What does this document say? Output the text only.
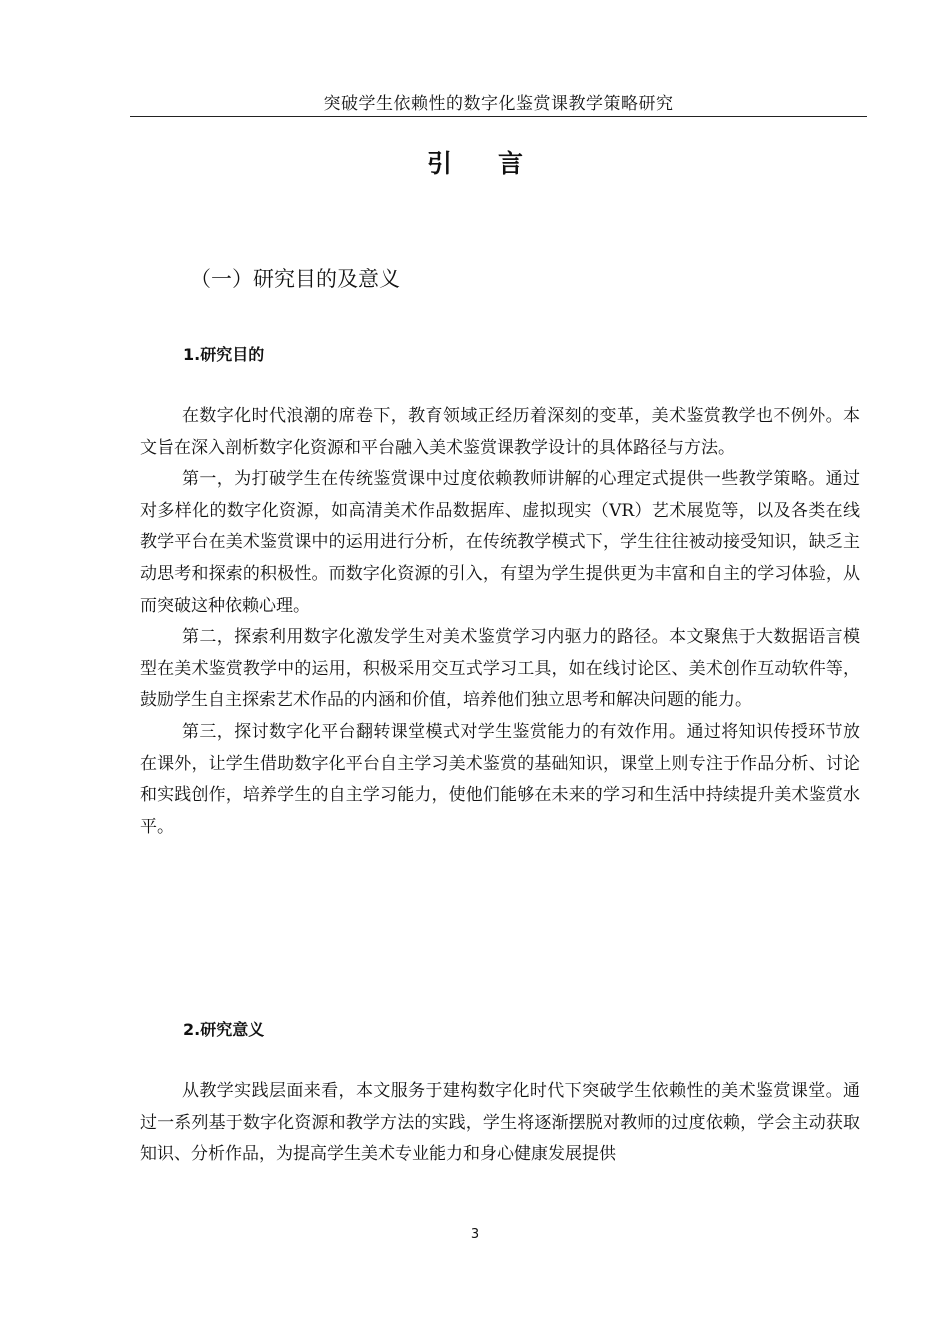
突破学生依赖性的数字化鉴赏课教学策略研究
引言
（一）研究目的及意义
1.研究目的

在数字化时代浪潮的席卷下，教育领域正经历着深刻的变革，美术鉴赏教学也不例外。本文旨在深入剖析数字化资源和平台融入美术鉴赏课教学设计的具体路径与方法。

第一，为打破学生在传统鉴赏课中过度依赖教师讲解的心理定式提供一些教学策略。通过对多样化的数字化资源，如高清美术作品数据库、虚拟现实（VR）艺术展览等，以及各类在线教学平台在美术鉴赏课中的运用进行分析，在传统教学模式下，学生往往被动接受知识，缺乏主动思考和探索的积极性。而数字化资源的引入，有望为学生提供更为丰富和自主的学习体验，从而突破这种依赖心理。

第二，探索利用数字化激发学生对美术鉴赏学习内驱力的路径。本文聚焦于大数据语言模型在美术鉴赏教学中的运用，积极采用交互式学习工具，如在线讨论区、美术创作互动软件等，鼓励学生自主探索艺术作品的内涵和价值，培养他们独立思考和解决问题的能力。

第三，探讨数字化平台翻转课堂模式对学生鉴赏能力的有效作用。通过将知识传授环节放在课外，让学生借助数字化平台自主学习美术鉴赏的基础知识，课堂上则专注于作品分析、讨论和实践创作，培养学生的自主学习能力，使他们能够在未来的学习和生活中持续提升美术鉴赏水平。

2.研究意义

从教学实践层面来看，本文服务于建构数字化时代下突破学生依赖性的美术鉴赏课堂。通过一系列基于数字化资源和教学方法的实践，学生将逐渐摆脱对教师的过度依赖，学会主动获取知识、分析作品，为提高学生美术专业能力和身心健康发展提供

3
